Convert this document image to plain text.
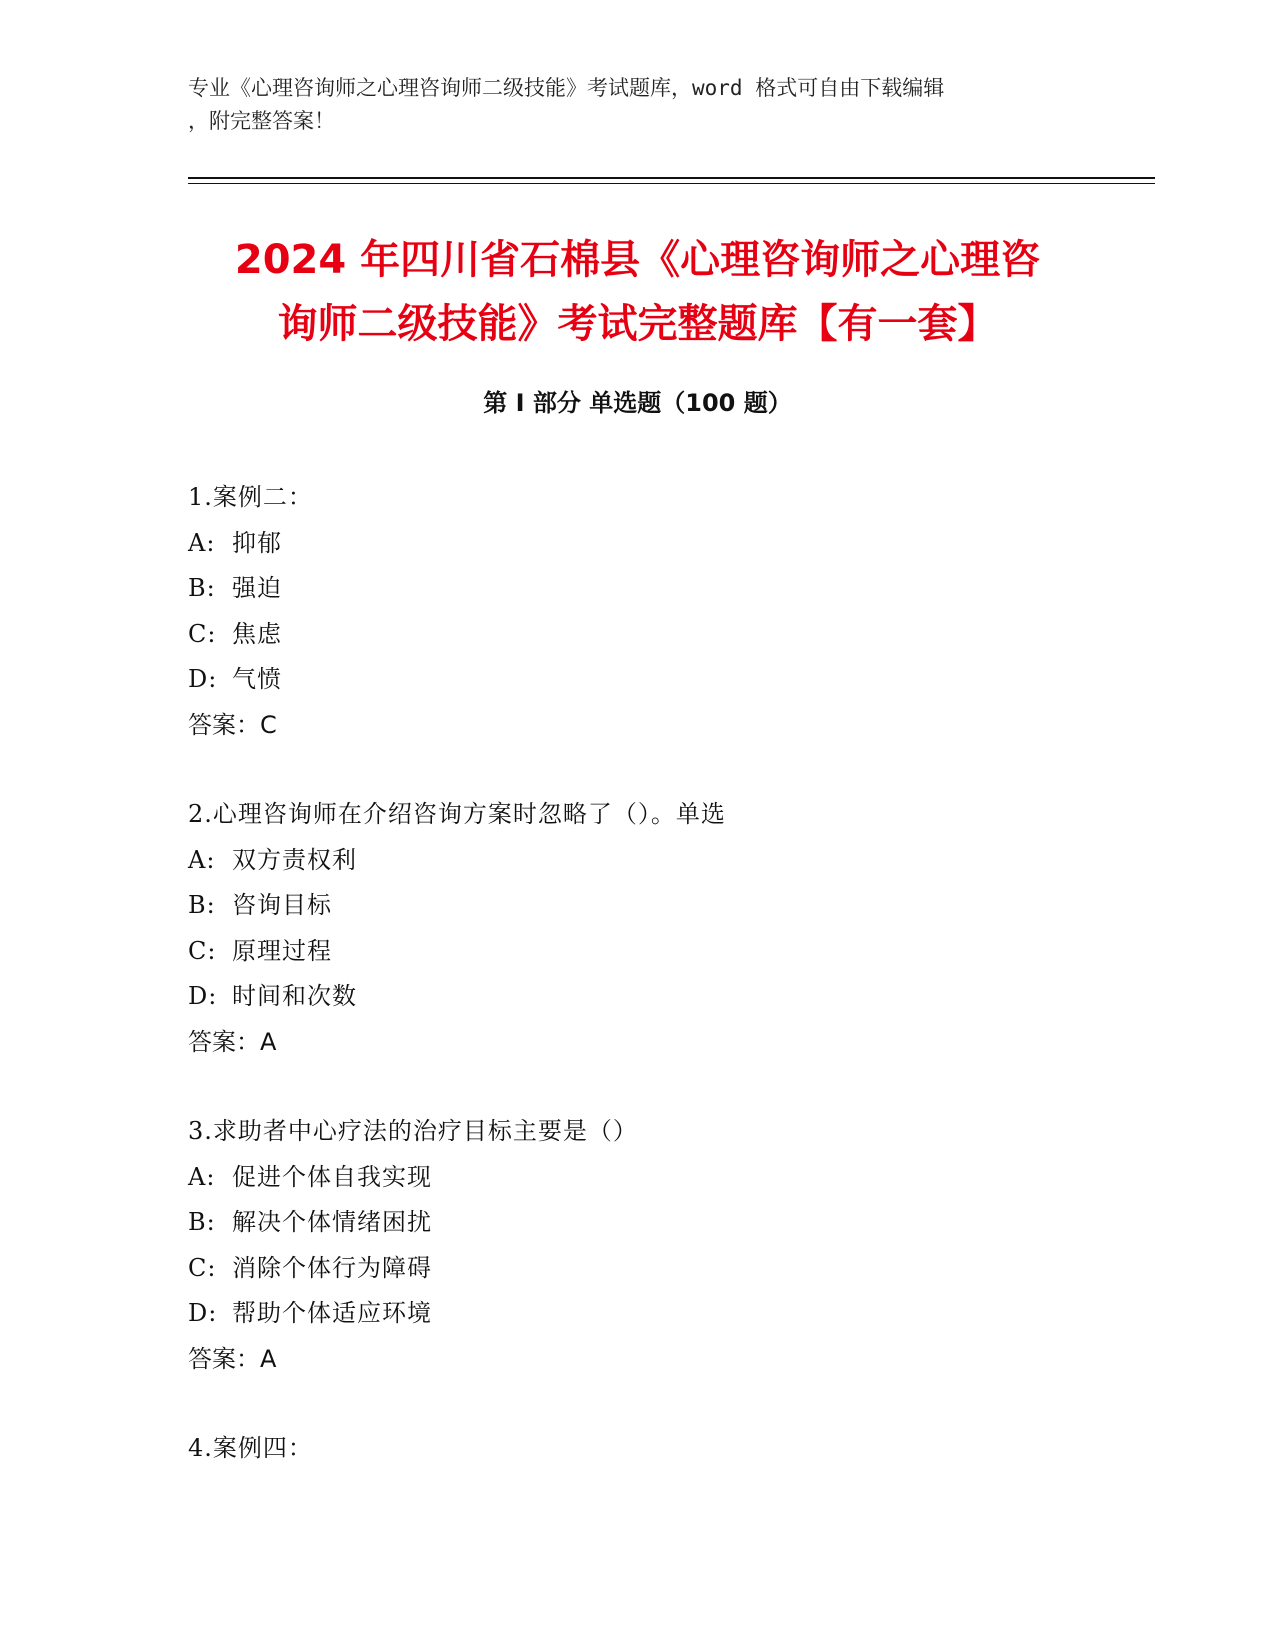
专业《心理咨询师之心理咨询师二级技能》考试题库，word 格式可自由下载编辑
，附完整答案！
2024 年四川省石棉县《心理咨询师之心理咨
询师二级技能》考试完整题库【有一套】
第 I 部分 单选题（100 题）
1.案例二：
A: 抑郁
B: 强迫
C: 焦虑
D: 气愤
答案：C
2.心理咨询师在介绍咨询方案时忽略了（）。单选
A: 双方责权利
B: 咨询目标
C: 原理过程
D: 时间和次数
答案：A
3.求助者中心疗法的治疗目标主要是（）
A: 促进个体自我实现
B: 解决个体情绪困扰
C: 消除个体行为障碍
D: 帮助个体适应环境
答案：A
4.案例四：
